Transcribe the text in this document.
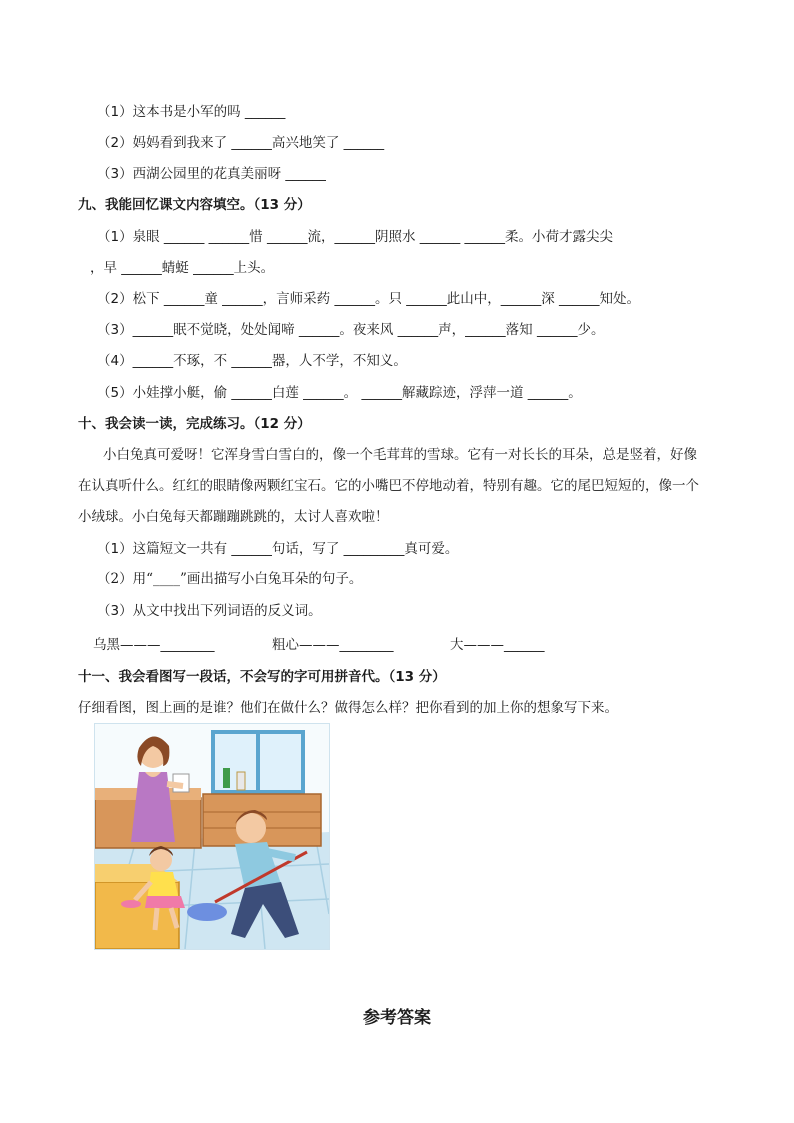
（1）这本书是小军的吗 ______
（2）妈妈看到我来了 ______高兴地笑了 ______
（3）西湖公园里的花真美丽呀 ______
九、我能回忆课文内容填空。（13 分）
（1）泉眼 ______ ______惜 ______流，______阴照水 ______ ______柔。小荷才露尖尖
，早 ______蜻蜓 ______上头。
（2）松下 ______童 ______，言师采药 ______。只 ______此山中，______深 ______知处。
（3）______眠不觉晓，处处闻啼 ______。夜来风 ______声，______落知 ______少。
（4）______不琢，不 ______器，人不学，不知义。
（5）小娃撑小艇，偷 ______白莲 ______。 ______解藏踪迹，浮萍一道 ______。
十、我会读一读，完成练习。（12 分）
小白兔真可爱呀！它浑身雪白雪白的，像一个毛茸茸的雪球。它有一对长长的耳朵，总是竖着，好像
在认真听什么。红红的眼睛像两颗红宝石。它的小嘴巴不停地动着，特别有趣。它的尾巴短短的，像一个
小绒球。小白兔每天都蹦蹦跳跳的，太讨人喜欢啦！
（1）这篇短文一共有 ______句话，写了 _________真可爱。
（2）用“____”画出描写小白兔耳朵的句子。
（3）从文中找出下列词语的反义词。
乌黑———________	粗心———________	大———______
十一、我会看图写一段话，不会写的字可用拼音代。（13 分）
仔细看图，图上画的是谁？他们在做什么？做得怎么样？把你看到的加上你的想象写下来。
参考答案
